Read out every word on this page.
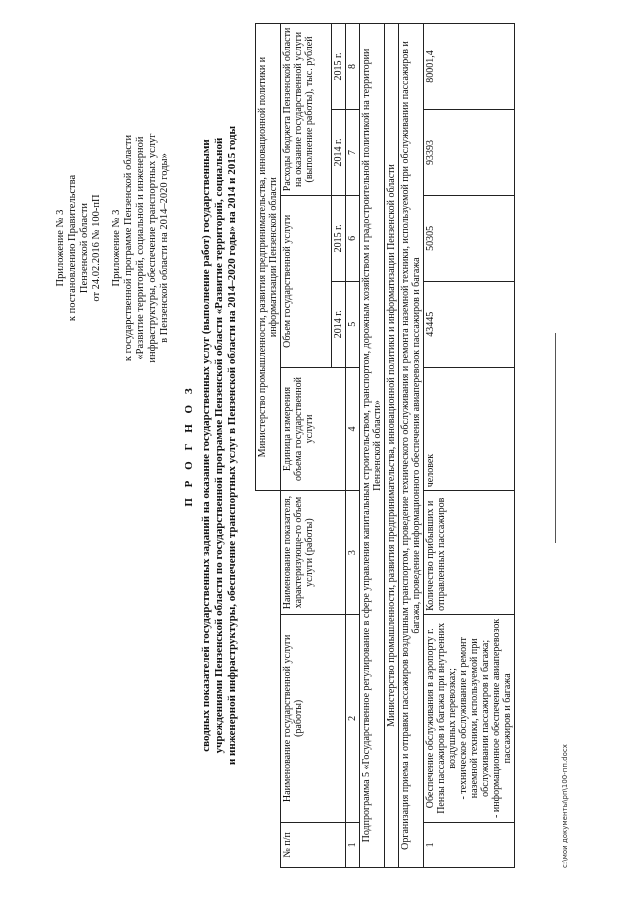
Приложение № 3 к постановлению Правительства Пензенской области от 24.02.2016 № 100-пП Приложение № 3 к государственной программе Пензенской области «Развитие территорий, социальной и инженерной инфраструктуры, обеспечение транспортных услуг в Пензенской области на 2014–2020 годы»
П Р О Г Н О З сводных показателей государственных заданий на оказание государственных услуг (выполнение работ) государственными учреждениями Пензенской области по государственной программе Пензенской области «Развитие территорий, социальной и инженерной инфраструктуры, обеспечение транспортных услуг в Пензенской области на 2014–2020 годы» на 2014 и 2015 годы
			Министерство промышленности, развития предпринимательства, инновационной политики и информатизации Пензенской области				
№ п/п	Наименование государственной услуги (работы)	Наименование показателя, характеризующе-го объем услуги (работы)	Единица измерения объема государственной услуги	Объем государственной услуги		Расходы бюджета Пензенской области на оказание государственной услуги (выполнение работы), тыс. рублей	
				2014 г.	2015 г.	2014 г.	2015 г.
1	2	3	4	5	6	7	8
Подпрограмма 5 «Государственное регулирование в сфере управления капитальным строительством, транспортом, дорожным хозяйством и градостроительной политикой на территории Пензенской области»							
Министерство промышленности, развития предпринимательства, инновационной политики и информатизации Пензенской области							
Организация приема и отправки пассажиров воздушным транспортом, проведение технического обслуживания и ремонта наземной техники, используемой при обслуживании пассажиров и багажа, проведение информационного обеспечения авиаперевозок пассажиров и багажа							
1	Обеспечение обслуживания в аэропорту г. Пензы пассажиров и багажа при внутренних воздушных перевозках; - техническое обслуживание и ремонт наземной техники, используемой при обслуживании пассажиров и багажа; - информационное обеспечение авиаперевозок пассажиров и багажа	Количество прибывших и отправленных пассажиров	человек	43445	50305	93393	80001,4
c:\мои документы\рп\100-пп.docx
